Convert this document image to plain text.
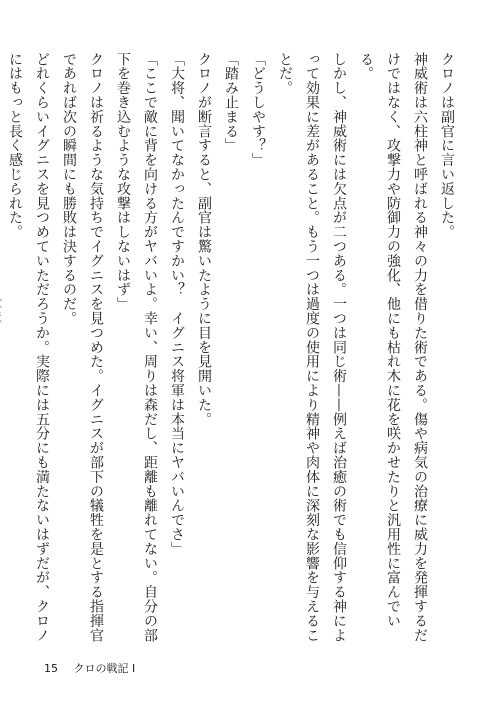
クロノは副官に言い返した。

神威術は六柱神と呼ばれる神々の力を借りた術である。傷や病気の治療に威力を発揮するだけではなく、攻撃力や防御力の強化、他にも枯れ木に花を咲かせたりと汎用性に富んでいる。

しかし、神威術には欠点が二つある。一つは同じ術——例えば治癒の術でも信仰する神によって効果に差があること。もう一つは過度の使用により精神や肉体に深刻な影響を与えることだ。

「どうしやす？」

「踏み止まる」

クロノが断言すると、副官は驚いたように目を見開いた。

「大将、聞いてなかったんですかい？　イグニス将軍は本当にヤバいんでさ」

「ここで敵に背を向ける方がヤバいよ。幸い、周りは森だし、距離も離れてない。自分の部下を巻き込むような攻撃はしないはず」

クロノは祈るような気持ちでイグニスを見つめた。イグニスが部下の犠牲を是とする指揮官であれば次の瞬間にも勝敗は決するのだ。

どれくらいイグニスを見つめていただろうか。実際には五分にも満たないはずだが、クロノにはもっと長く感じられた。

15 クロの戦記 Ⅰ
